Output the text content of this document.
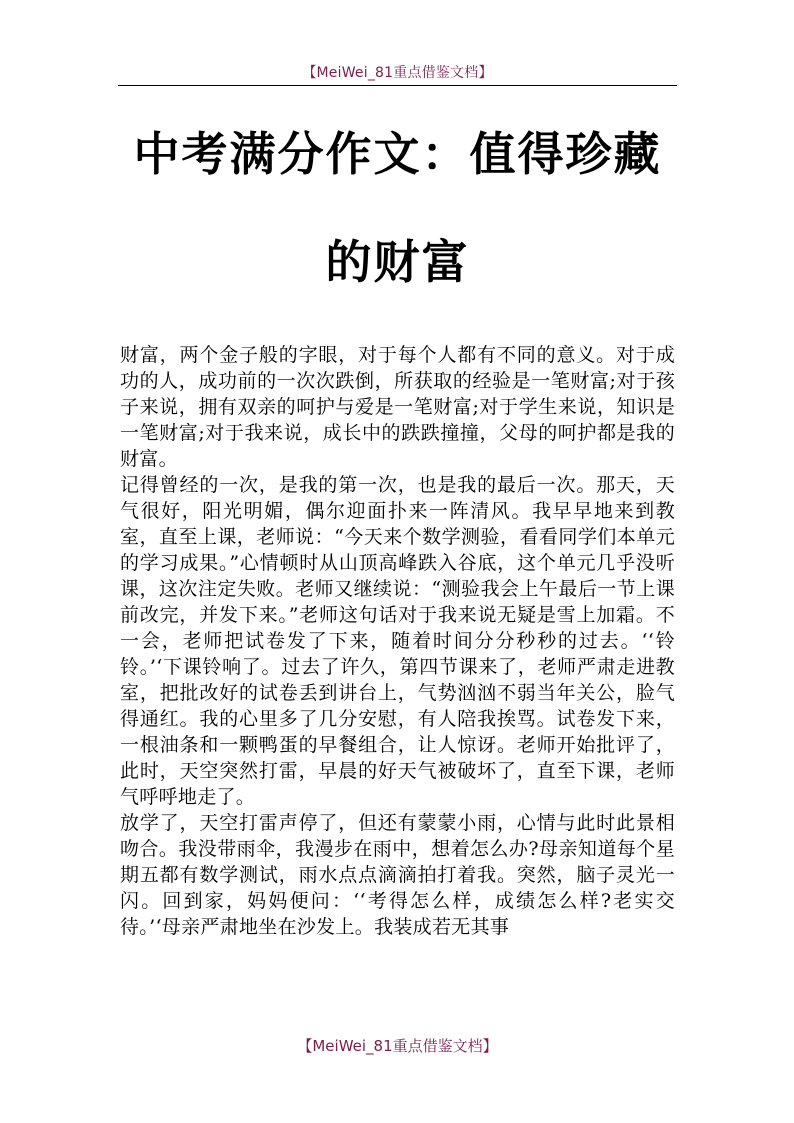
【MeiWei_81重点借鉴文档】
中考满分作文：值得珍藏
的财富

财富，两个金子般的字眼，对于每个人都有不同的意义。对于成功的人，成功前的一次次跌倒，所获取的经验是一笔财富;对于孩子来说，拥有双亲的呵护与爱是一笔财富;对于学生来说，知识是一笔财富;对于我来说，成长中的跌跌撞撞，父母的呵护都是我的财富。

记得曾经的一次，是我的第一次，也是我的最后一次。那天，天气很好，阳光明媚，偶尔迎面扑来一阵清风。我早早地来到教室，直至上课，老师说：“今天来个数学测验，看看同学们本单元的学习成果。”心情顿时从山顶高峰跌入谷底，这个单元几乎没听课，这次注定失败。老师又继续说：“测验我会上午最后一节上课前改完，并发下来。”老师这句话对于我来说无疑是雪上加霜。不一会，老师把试卷发了下来，随着时间分分秒秒的过去。‘‘铃铃。’‘下课铃响了。过去了许久，第四节课来了，老师严肃走进教室，把批改好的试卷丢到讲台上，气势汹汹不弱当年关公，脸气得通红。我的心里多了几分安慰，有人陪我挨骂。试卷发下来，一根油条和一颗鸭蛋的早餐组合，让人惊讶。老师开始批评了，此时，天空突然打雷，早晨的好天气被破坏了，直至下课，老师气呼呼地走了。

放学了，天空打雷声停了，但还有蒙蒙小雨，心情与此时此景相吻合。我没带雨伞，我漫步在雨中，想着怎么办?母亲知道每个星期五都有数学测试，雨水点点滴滴拍打着我。突然，脑子灵光一闪。回到家，妈妈便问：‘‘考得怎么样，成绩怎么样?老实交待。’‘母亲严肃地坐在沙发上。我装成若无其事

【MeiWei_81重点借鉴文档】
